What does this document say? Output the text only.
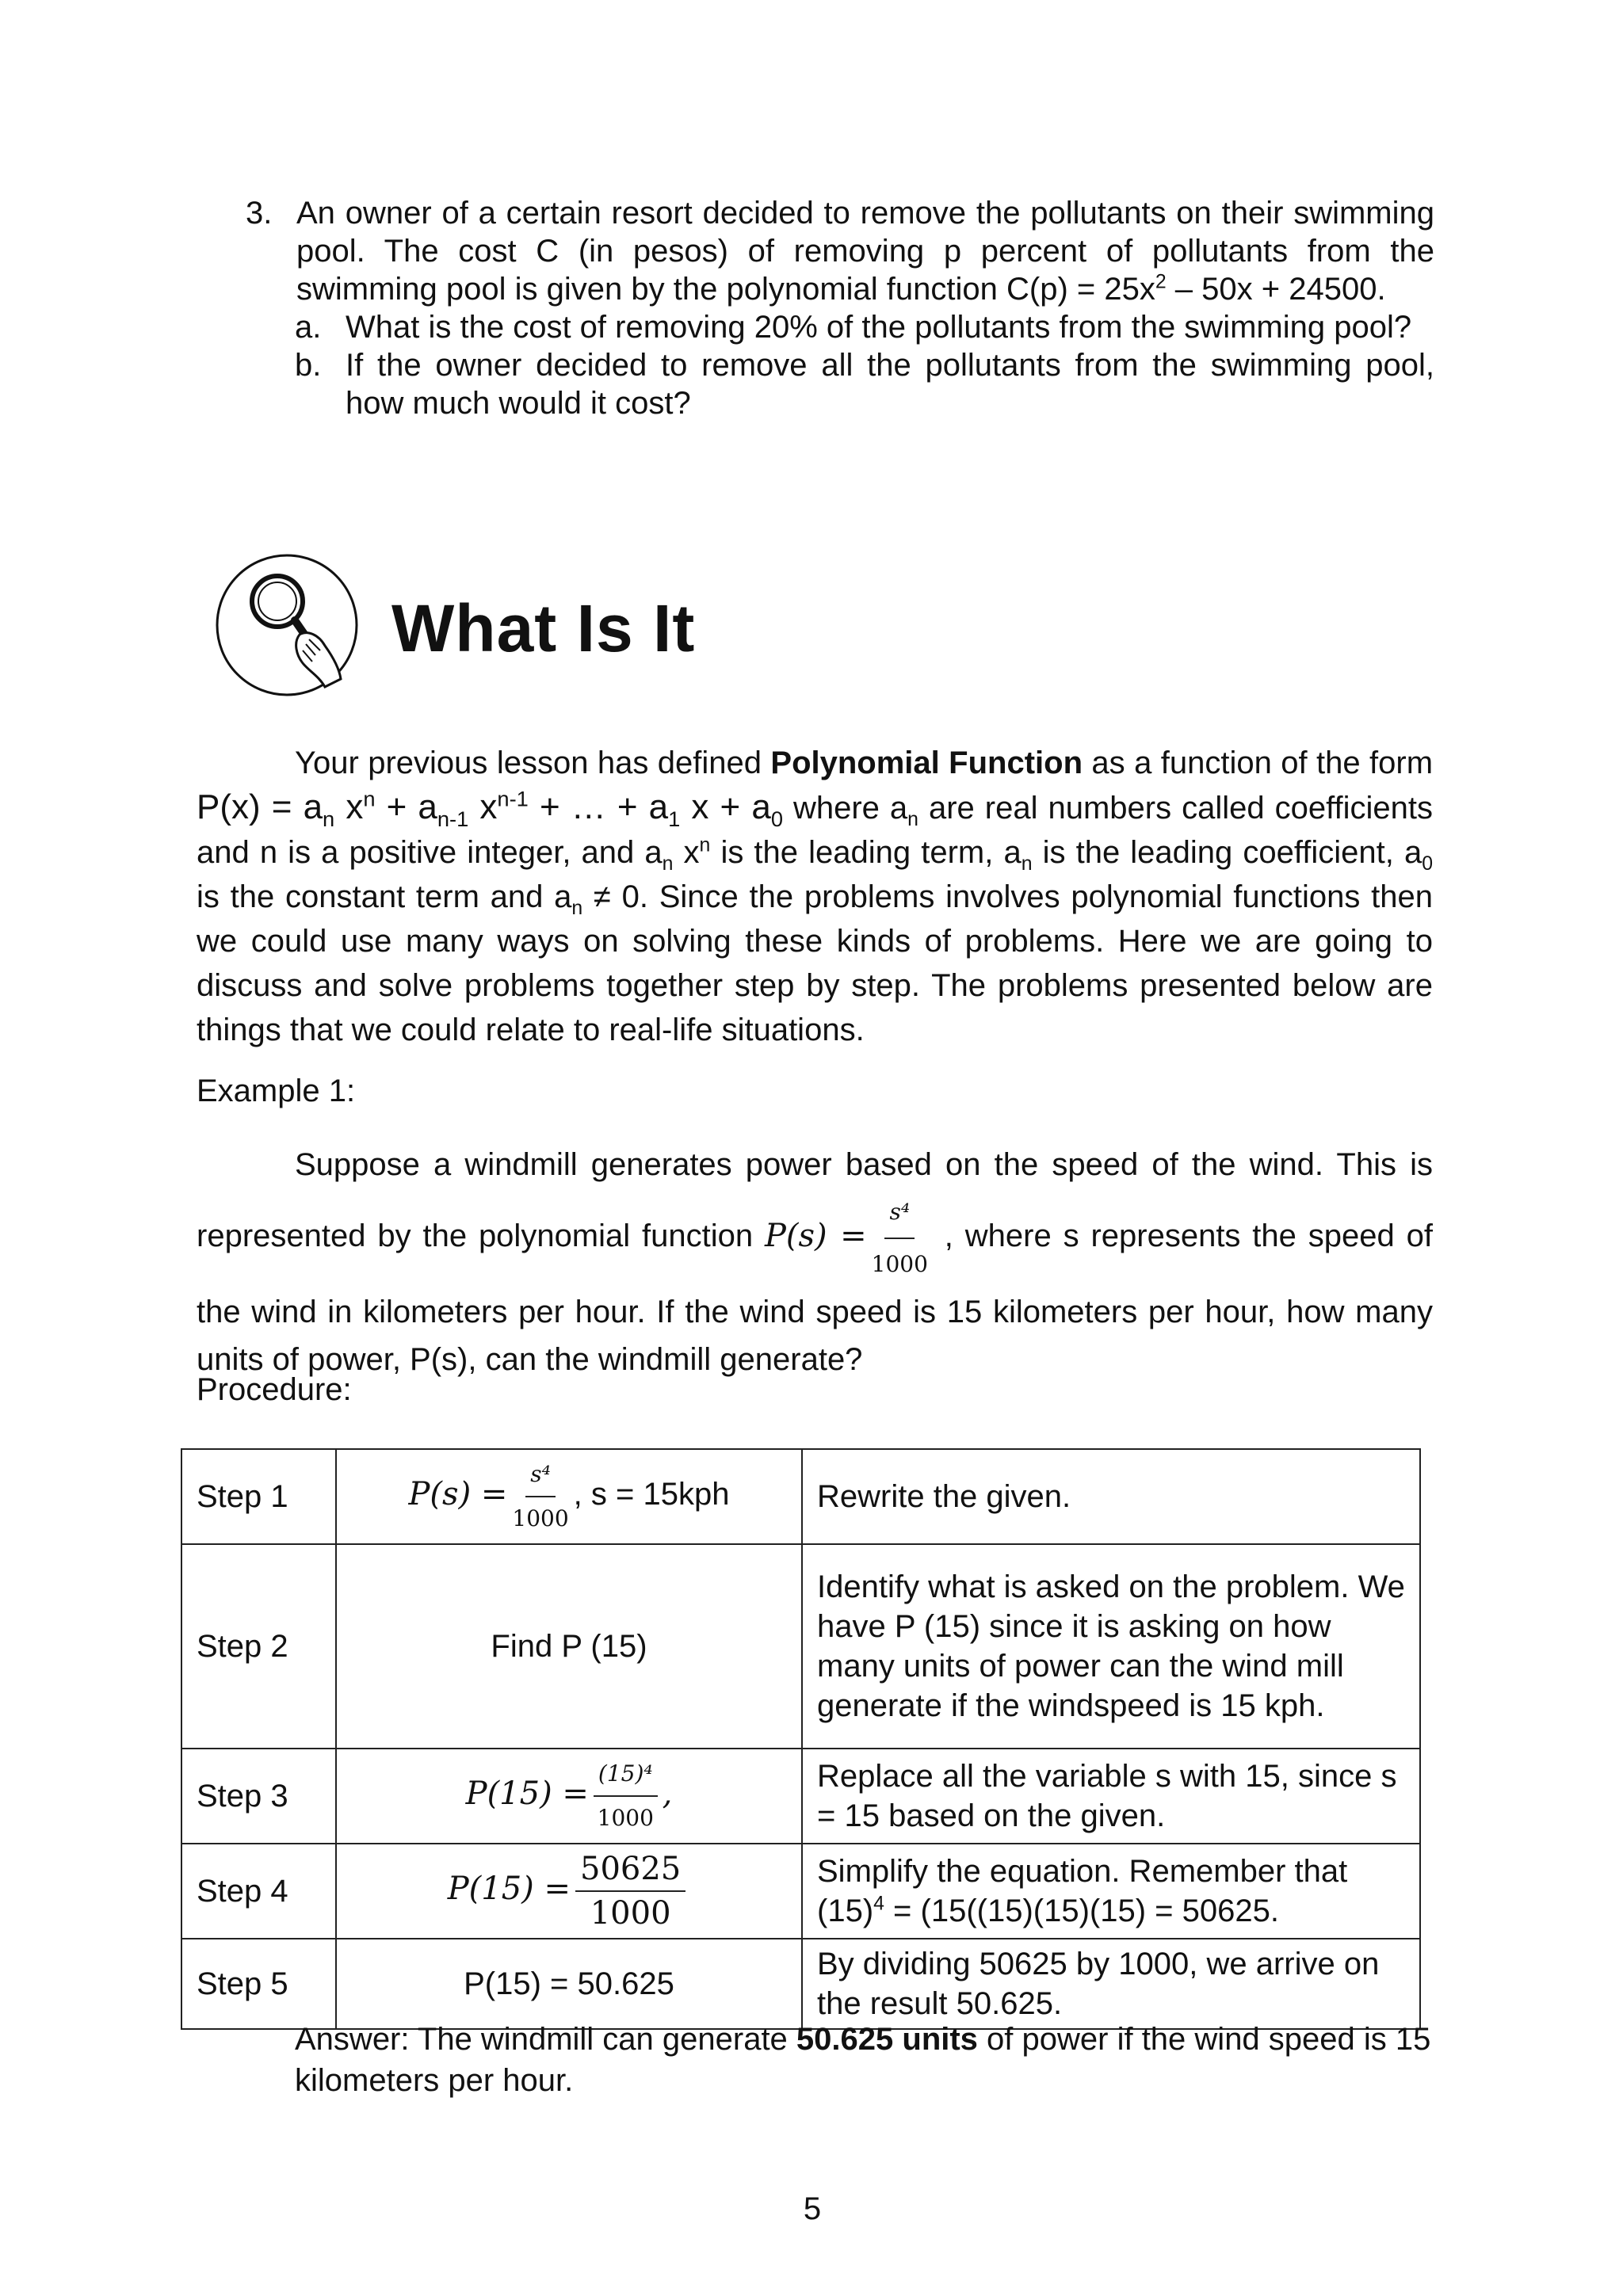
3. An owner of a certain resort decided to remove the pollutants on their swimming pool. The cost C (in pesos) of removing p percent of pollutants from the swimming pool is given by the polynomial function $C(p) = 25x^2 - 50x + 24500$.
a. What is the cost of removing 20% of the pollutants from the swimming pool?
b. If the owner decided to remove all the pollutants from the swimming pool, how much would it cost?
What Is It
Your previous lesson has defined Polynomial Function as a function of the form $P(x) = a_n$ $x^n + a_{n-1}$ $x^{n-1}$ + … + $a_1$ $x + a_0$ where $a_n$ are real numbers called coefficients and n is a positive integer, and $a_n$ $x^n$ is the leading term, $a_n$ is the leading coefficient, $a_0$ is the constant term and $a_n \ne 0$. Since the problems involves polynomial functions then we could use many ways on solving these kinds of problems. Here we are going to discuss and solve problems together step by step. The problems presented below are things that we could relate to real-life situations.
Example 1:
Suppose a windmill generates power based on the speed of the wind. This is represented by the polynomial function $P(s) = \frac{\text{s⁴}}{1000}$ , where s represents the speed of the wind in kilometers per hour. If the wind speed is 15 kilometers per hour, how many units of power, P(s), can the windmill generate?
Procedure:
Step 1	$P(s) = \frac{\text{s⁴}}{1000}$ , s = 15kph	Rewrite the given.
Step 2	Find P (15)	Identify what is asked on the problem. We have P (15) since it is asking on how many units of power can the wind mill generate if the windspeed is 15 kph.
Step 3	$P(15) = \frac{\text{(15)⁴}}{1000}$ ,	Replace all the variable s with 15, since s = 15 based on the given.
Step 4	$P(15) = \frac{50625}{1000}$	Simplify the equation. Remember that $(15)^4 = (15((15)(15)(15) = 50625$.
Step 5	P(15) = 50.625	By dividing 50625 by 1000, we arrive on the result 50.625.
Answer: The windmill can generate 50.625 units of power if the wind speed is 15 kilometers per hour.
5
